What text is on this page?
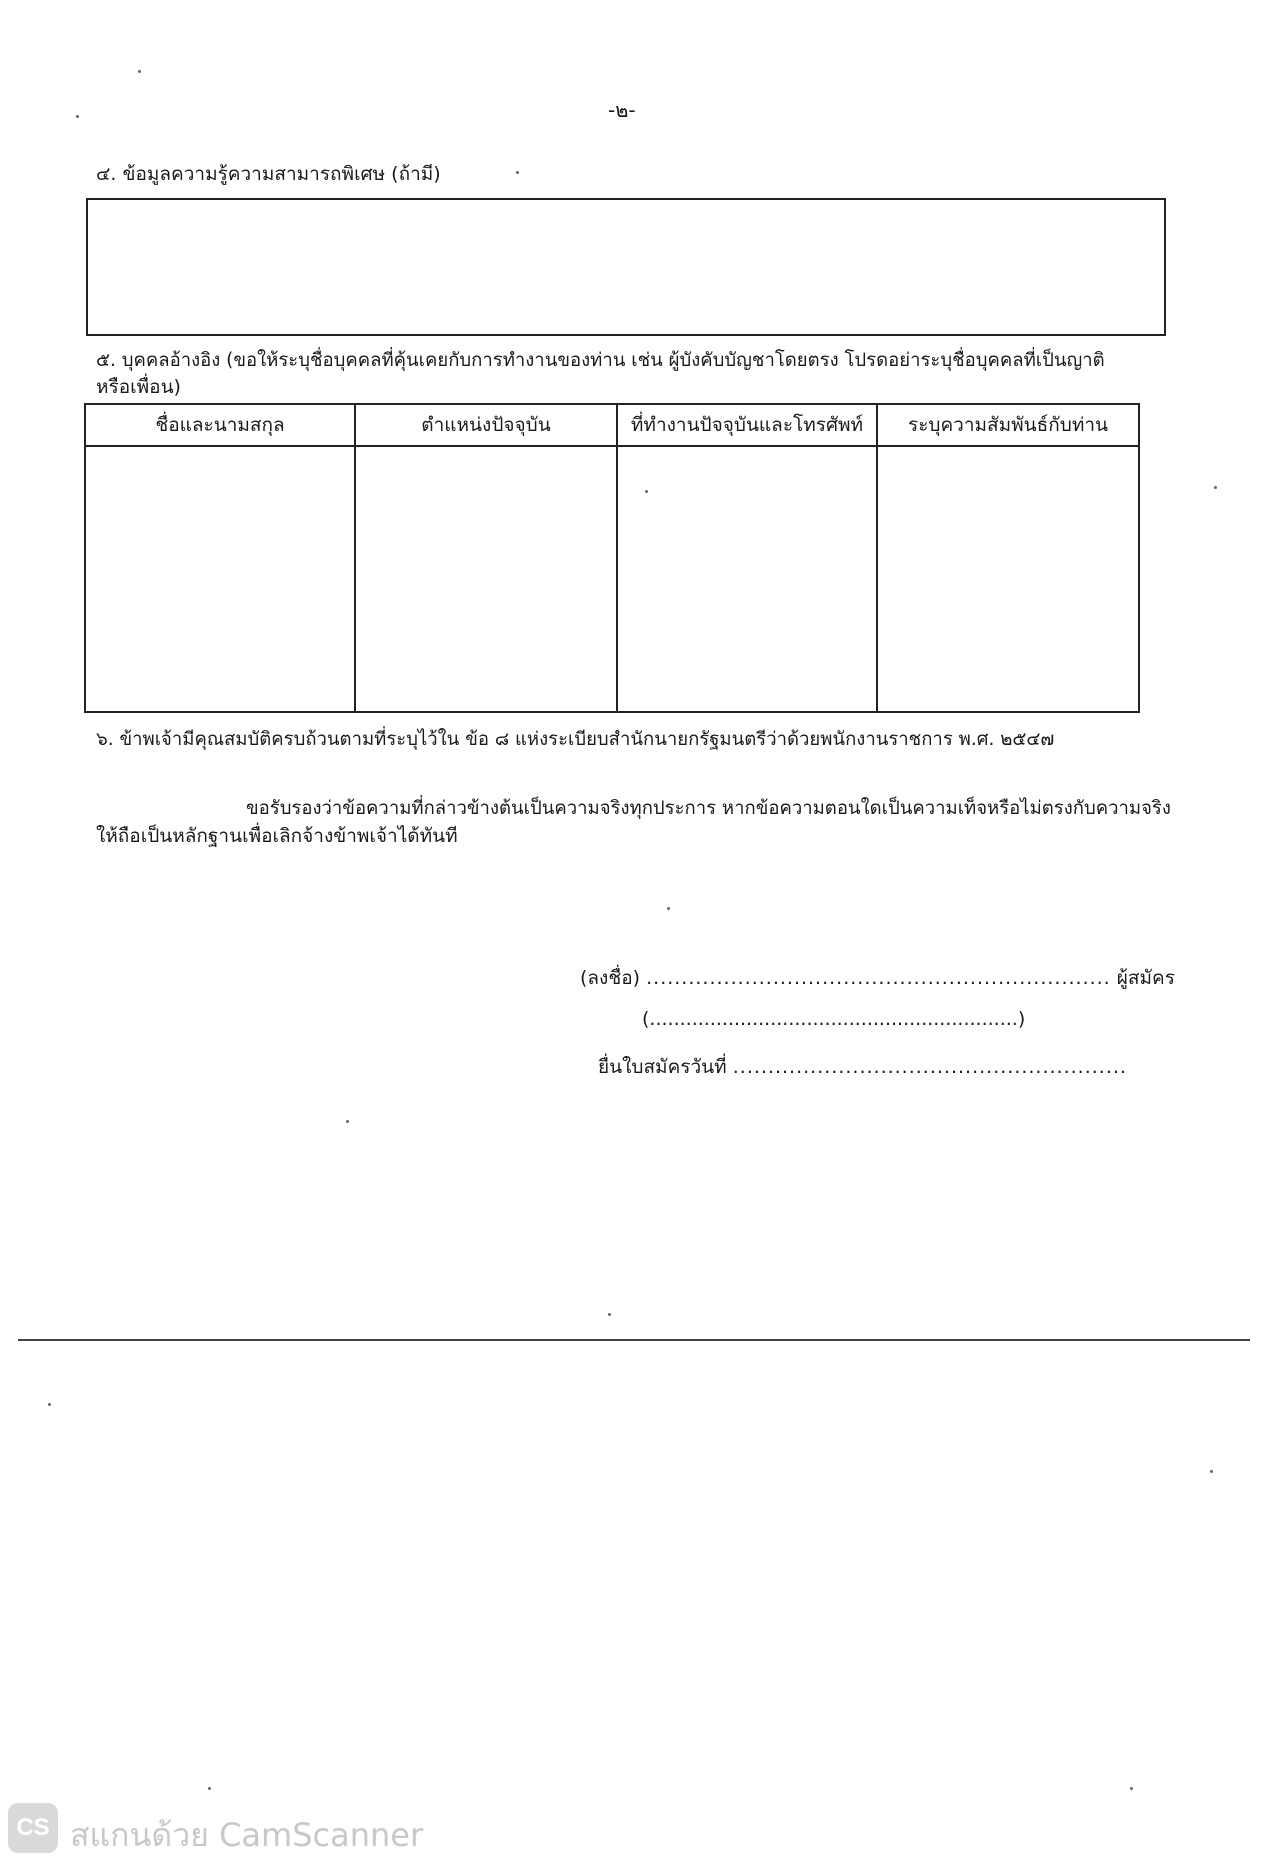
-๒-
๔. ข้อมูลความรู้ความสามารถพิเศษ (ถ้ามี)
๕. บุคคลอ้างอิง (ขอให้ระบุชื่อบุคคลที่คุ้นเคยกับการทำงานของท่าน เช่น ผู้บังคับบัญชาโดยตรง โปรดอย่าระบุชื่อบุคคลที่เป็นญาติ
หรือเพื่อน)
ชื่อและนามสกุล	ตำแหน่งปัจจุบัน	ที่ทำงานปัจจุบันและโทรศัพท์	ระบุความสัมพันธ์กับท่าน

๖. ข้าพเจ้ามีคุณสมบัติครบถ้วนตามที่ระบุไว้ใน ข้อ ๘ แห่งระเบียบสำนักนายกรัฐมนตรีว่าด้วยพนักงานราชการ พ.ศ. ๒๕๔๗
ขอรับรองว่าข้อความที่กล่าวข้างต้นเป็นความจริงทุกประการ หากข้อความตอนใดเป็นความเท็จหรือไม่ตรงกับความจริง
ให้ถือเป็นหลักฐานเพื่อเลิกจ้างข้าพเจ้าได้ทันที
(ลงชื่อ) .................................................................. ผู้สมัคร
(.............................................................)
ยื่นใบสมัครวันที่ ........................................................
CS สแกนด้วย CamScanner
